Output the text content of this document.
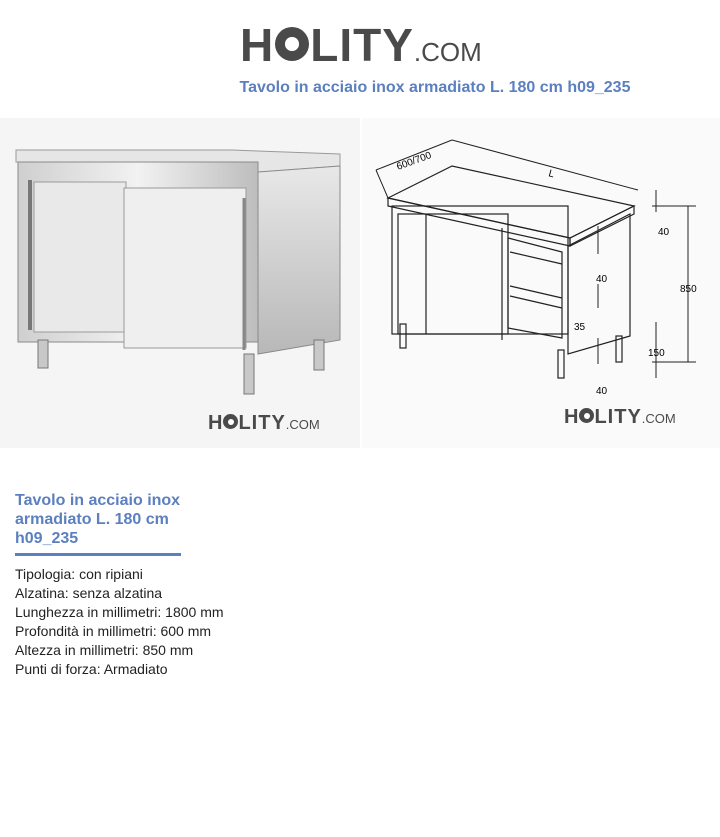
H LITY .COM
Tavolo in acciaio inox armadiato L. 180 cm h09_235
H LITY .COM
600/700
L
40
40
35
850
150
40
H LITY .COM
Tavolo in acciaio inox armadiato L. 180 cm h09_235
Tipologia: con ripiani
Alzatina: senza alzatina
Lunghezza in millimetri: 1800 mm
Profondità in millimetri: 600 mm
Altezza in millimetri: 850 mm
Punti di forza: Armadiato
